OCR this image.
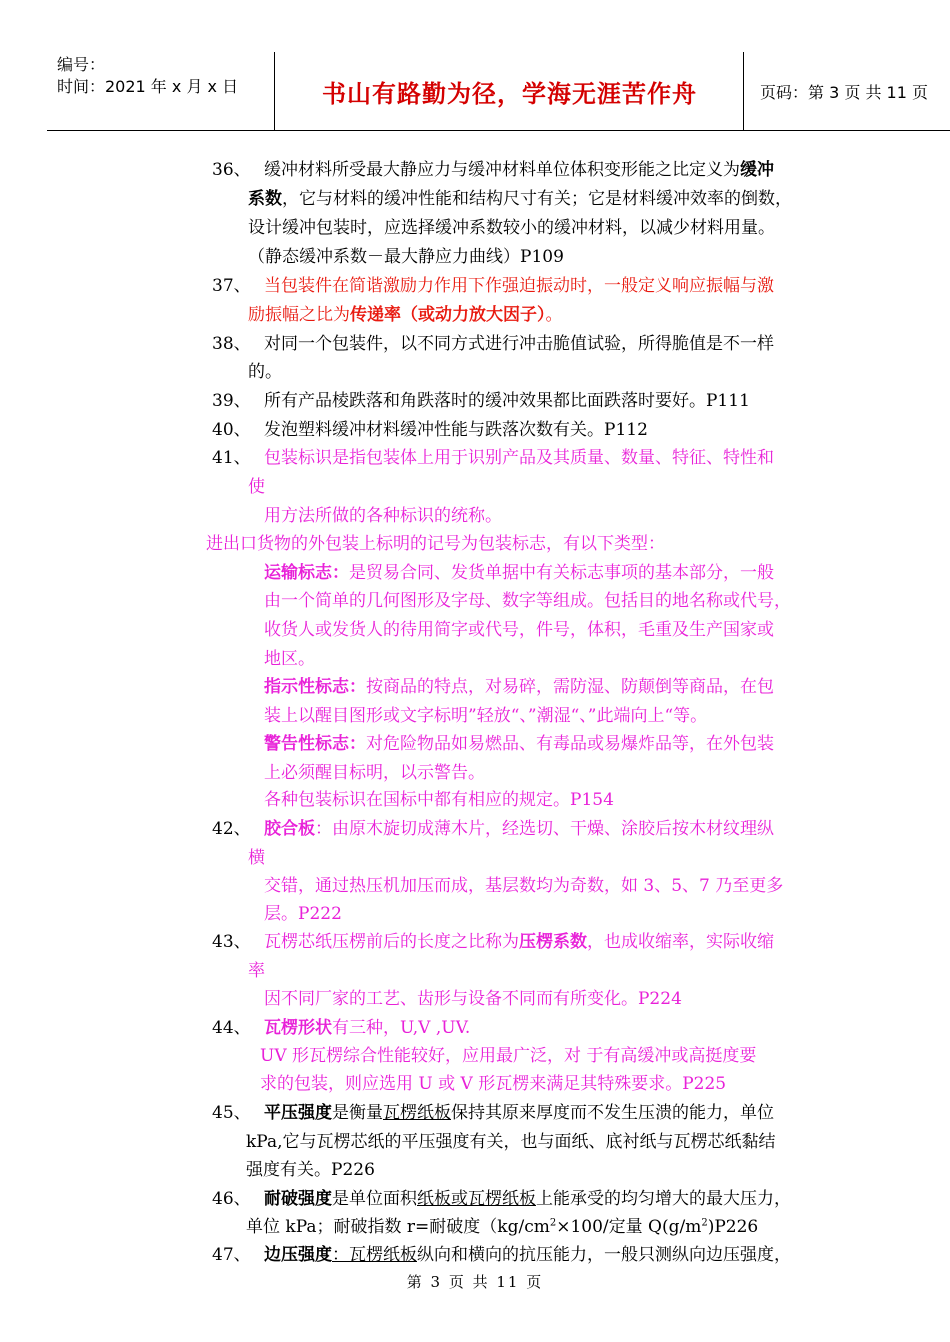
编号：
时间：2021 年 x 月 x 日	书山有路勤为径，学海无涯苦作舟	页码：第 3 页 共 11 页
36、 缓冲材料所受最大静应力与缓冲材料单位体积变形能之比定义为缓冲
系数，它与材料的缓冲性能和结构尺寸有关；它是材料缓冲效率的倒数，
设计缓冲包装时，应选择缓冲系数较小的缓冲材料，以减少材料用量。
（静态缓冲系数－最大静应力曲线）P109
37、 当包装件在简谐激励力作用下作强迫振动时，一般定义响应振幅与激
励振幅之比为传递率（或动力放大因子）。
38、 对同一个包装件，以不同方式进行冲击脆值试验，所得脆值是不一样
的。
39、 所有产品棱跌落和角跌落时的缓冲效果都比面跌落时要好。P111
40、 发泡塑料缓冲材料缓冲性能与跌落次数有关。P112
41、 包装标识是指包装体上用于识别产品及其质量、数量、特征、特性和
使
用方法所做的各种标识的统称。
进出口货物的外包装上标明的记号为包装标志，有以下类型：
运输标志：是贸易合同、发货单据中有关标志事项的基本部分，一般
由一个简单的几何图形及字母、数字等组成。包括目的地名称或代号，
收货人或发货人的待用简字或代号，件号，体积，毛重及生产国家或
地区。
指示性标志：按商品的特点，对易碎，需防湿、防颠倒等商品，在包
装上以醒目图形或文字标明”轻放“、”潮湿“、”此端向上“等。
警告性标志：对危险物品如易燃品、有毒品或易爆炸品等，在外包装
上必须醒目标明，以示警告。
各种包装标识在国标中都有相应的规定。P154
42、 胶合板：由原木旋切成薄木片，经选切、干燥、涂胶后按木材纹理纵
横
交错，通过热压机加压而成，基层数均为奇数，如 3、5、7 乃至更多
层。P222
43、 瓦楞芯纸压楞前后的长度之比称为压楞系数，也成收缩率，实际收缩
率
因不同厂家的工艺、齿形与设备不同而有所变化。P224
44、 瓦楞形状有三种，U,V ,UV.
UV 形瓦楞综合性能较好，应用最广泛，对 于有高缓冲或高挺度要
求的包装，则应选用 U 或 V 形瓦楞来满足其特殊要求。P225
45、 平压强度是衡量瓦楞纸板保持其原来厚度而不发生压溃的能力，单位
kPa,它与瓦楞芯纸的平压强度有关，也与面纸、底衬纸与瓦楞芯纸黏结
强度有关。P226
46、 耐破强度是单位面积纸板或瓦楞纸板上能承受的均匀增大的最大压力，
单位 kPa；耐破指数 r=耐破度（$kg/cm^2\times 100/$定量 $Q(g/m^2)P226$
47、 边压强度：瓦楞纸板纵向和横向的抗压能力，一般只测纵向边压强度，
第 3 页 共 11 页
